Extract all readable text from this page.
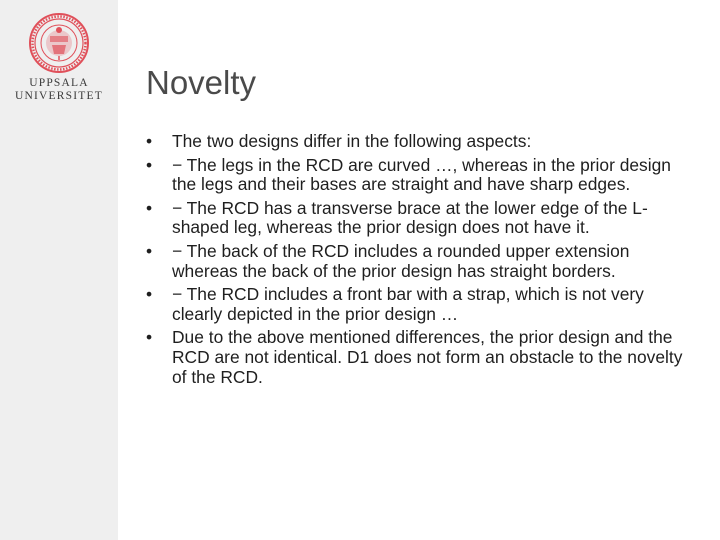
UPPSALA
UNIVERSITET	Novelty
• The two designs differ in the following aspects:
• − The legs in the RCD are curved …, whereas in the prior design the legs and their bases are straight and have sharp edges.
• − The RCD has a transverse brace at the lower edge of the L-shaped leg, whereas the prior design does not have it.
• − The back of the RCD includes a rounded upper extension whereas the back of the prior design has straight borders.
• − The RCD includes a front bar with a strap, which is not very clearly depicted in the prior design …
• Due to the above mentioned differences, the prior design and the RCD are not identical. D1 does not form an obstacle to the novelty of the RCD.
